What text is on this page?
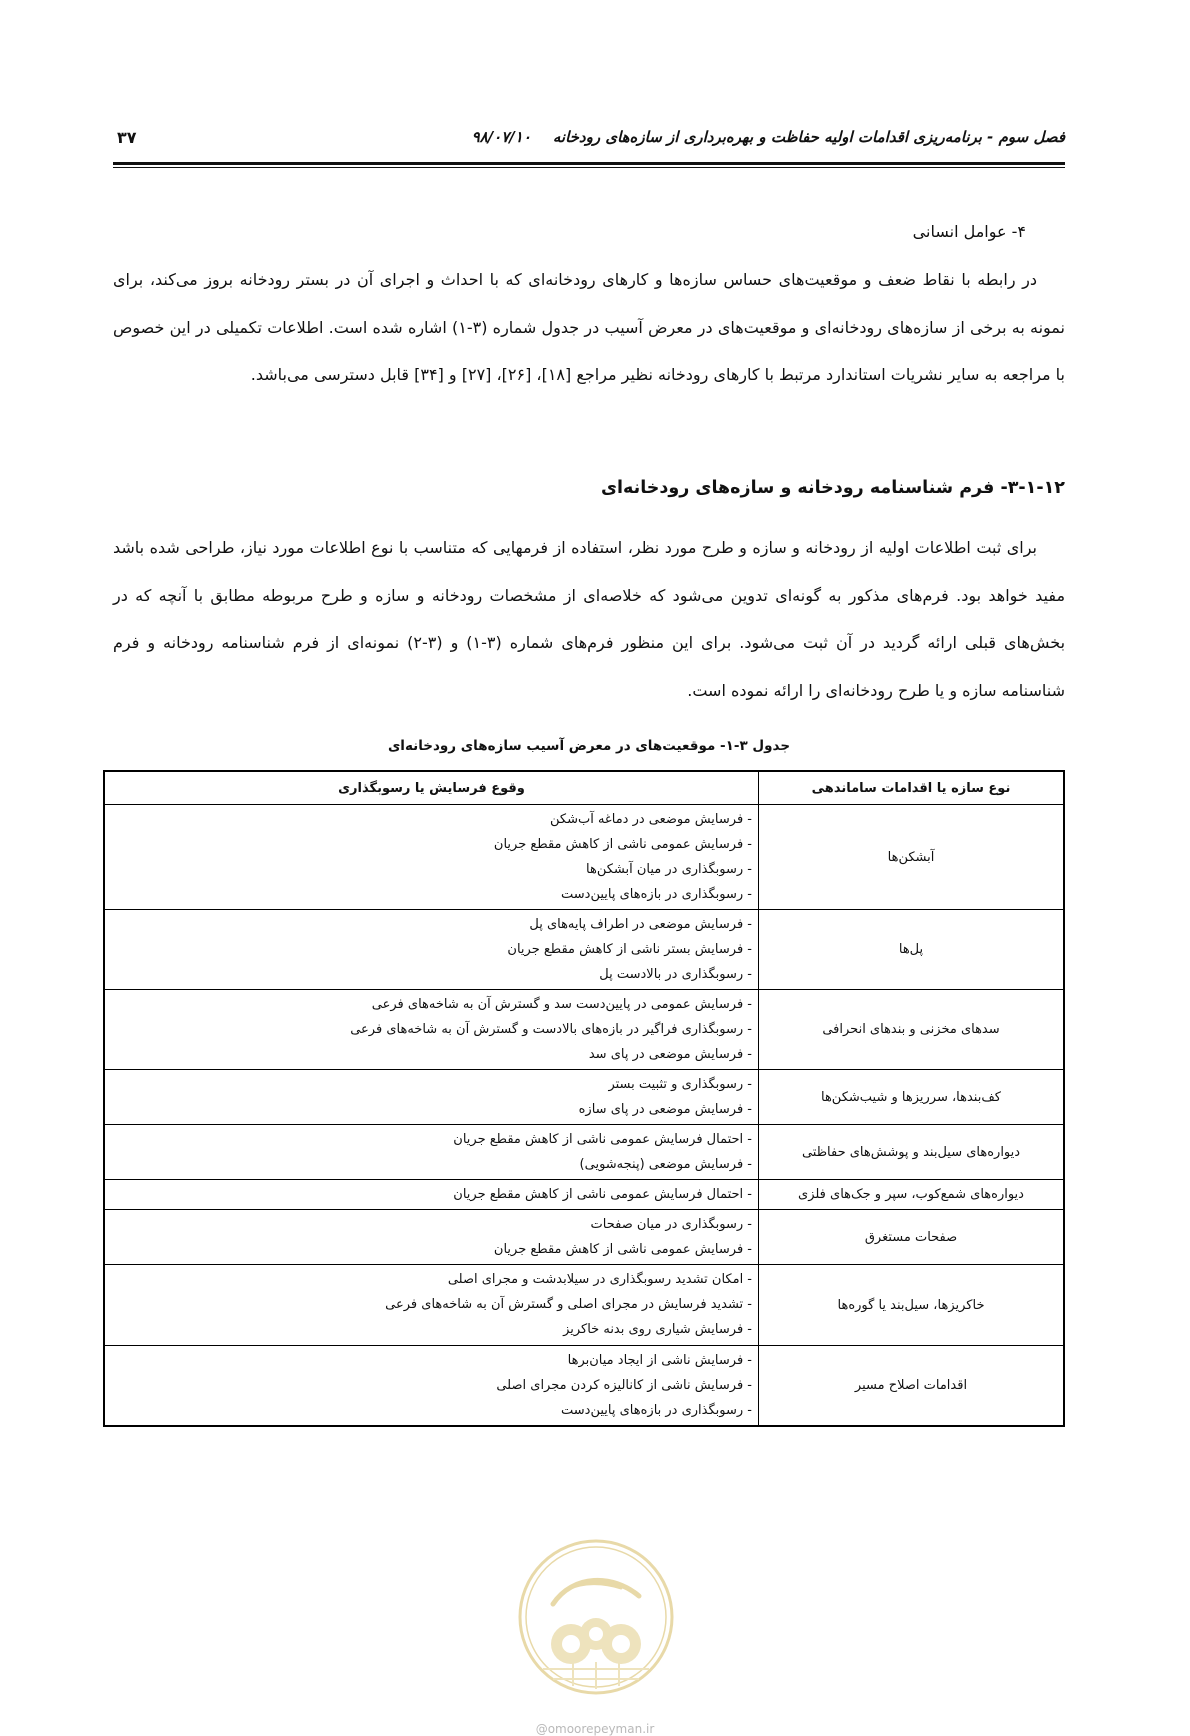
فصل سوم - برنامه‌ریزی اقدامات اولیه حفاظت و بهره‌برداری از سازه‌های رودخانه۹۸/۰۷/۱۰
۳۷
۴- عوامل انسانی
در رابطه با نقاط ضعف و موقعیت‌های حساس سازه‌ها و کارهای رودخانه‌ای که با احداث و اجرای آن در بستر رودخانه بروز می‌کند، برای نمونه به برخی از سازه‌های رودخانه‌ای و موقعیت‌های در معرض آسیب در جدول شماره (۳-۱) اشاره شده است. اطلاعات تکمیلی در این خصوص با مراجعه به سایر نشریات استاندارد مرتبط با کارهای رودخانه نظیر مراجع [۱۸]، [۲۶]، [۲۷] و [۳۴] قابل دسترسی می‌باشد.
۳-۱-۱۲- فرم شناسنامه رودخانه و سازه‌های رودخانه‌ای
برای ثبت اطلاعات اولیه از رودخانه و سازه و طرح مورد نظر، استفاده از فرمهایی که متناسب با نوع اطلاعات مورد نیاز، طراحی شده باشد مفید خواهد بود. فرم‌های مذکور به گونه‌ای تدوین می‌شود که خلاصه‌ای از مشخصات رودخانه و سازه و طرح مربوطه مطابق با آنچه که در بخش‌های قبلی ارائه گردید در آن ثبت می‌شود. برای این منظور فرم‌های شماره (۳-۱) و (۳-۲) نمونه‌ای از فرم شناسنامه رودخانه و فرم شناسنامه سازه و یا طرح رودخانه‌ای را ارائه نموده است.
جدول ۳-۱- موقعیت‌های در معرض آسیب سازه‌های رودخانه‌ای
نوع سازه یا اقدامات ساماندهی	وقوع فرسایش یا رسوبگذاری
آبشکن‌ها	- فرسایش موضعی در دماغه آب‌شکن
- فرسایش عمومی ناشی از کاهش مقطع جریان
- رسوبگذاری در میان آبشکن‌ها
- رسوبگذاری در بازه‌های پایین‌دست

پل‌ها	- فرسایش موضعی در اطراف پایه‌های پل
- فرسایش بستر ناشی از کاهش مقطع جریان
- رسوبگذاری در بالادست پل

سدهای مخزنی و بندهای انحرافی	- فرسایش عمومی در پایین‌دست سد و گسترش آن به شاخه‌های فرعی
- رسوبگذاری فراگیر در بازه‌های بالادست و گسترش آن به شاخه‌های فرعی
- فرسایش موضعی در پای سد

کف‌بندها، سرریزها و شیب‌شکن‌ها	- رسوبگذاری و تثبیت بستر
- فرسایش موضعی در پای سازه

دیواره‌های سیل‌بند و پوشش‌های حفاظتی	- احتمال فرسایش عمومی ناشی از کاهش مقطع جریان
- فرسایش موضعی (پنجه‌شویی)

دیواره‌های شمع‌کوب، سپر و جک‌های فلزی	- احتمال فرسایش عمومی ناشی از کاهش مقطع جریان

صفحات مستغرق	- رسوبگذاری در میان صفحات
- فرسایش عمومی ناشی از کاهش مقطع جریان

خاکریزها، سیل‌بند یا گوره‌ها	- امکان تشدید رسوبگذاری در سیلابدشت و مجرای اصلی
- تشدید فرسایش در مجرای اصلی و گسترش آن به شاخه‌های فرعی
- فرسایش شیاری روی بدنه خاکریز

اقدامات اصلاح مسیر	- فرسایش ناشی از ایجاد میان‌برها
- فرسایش ناشی از کانالیزه کردن مجرای اصلی
- رسوبگذاری در بازه‌های پایین‌دست
@omoorepeyman.ir
